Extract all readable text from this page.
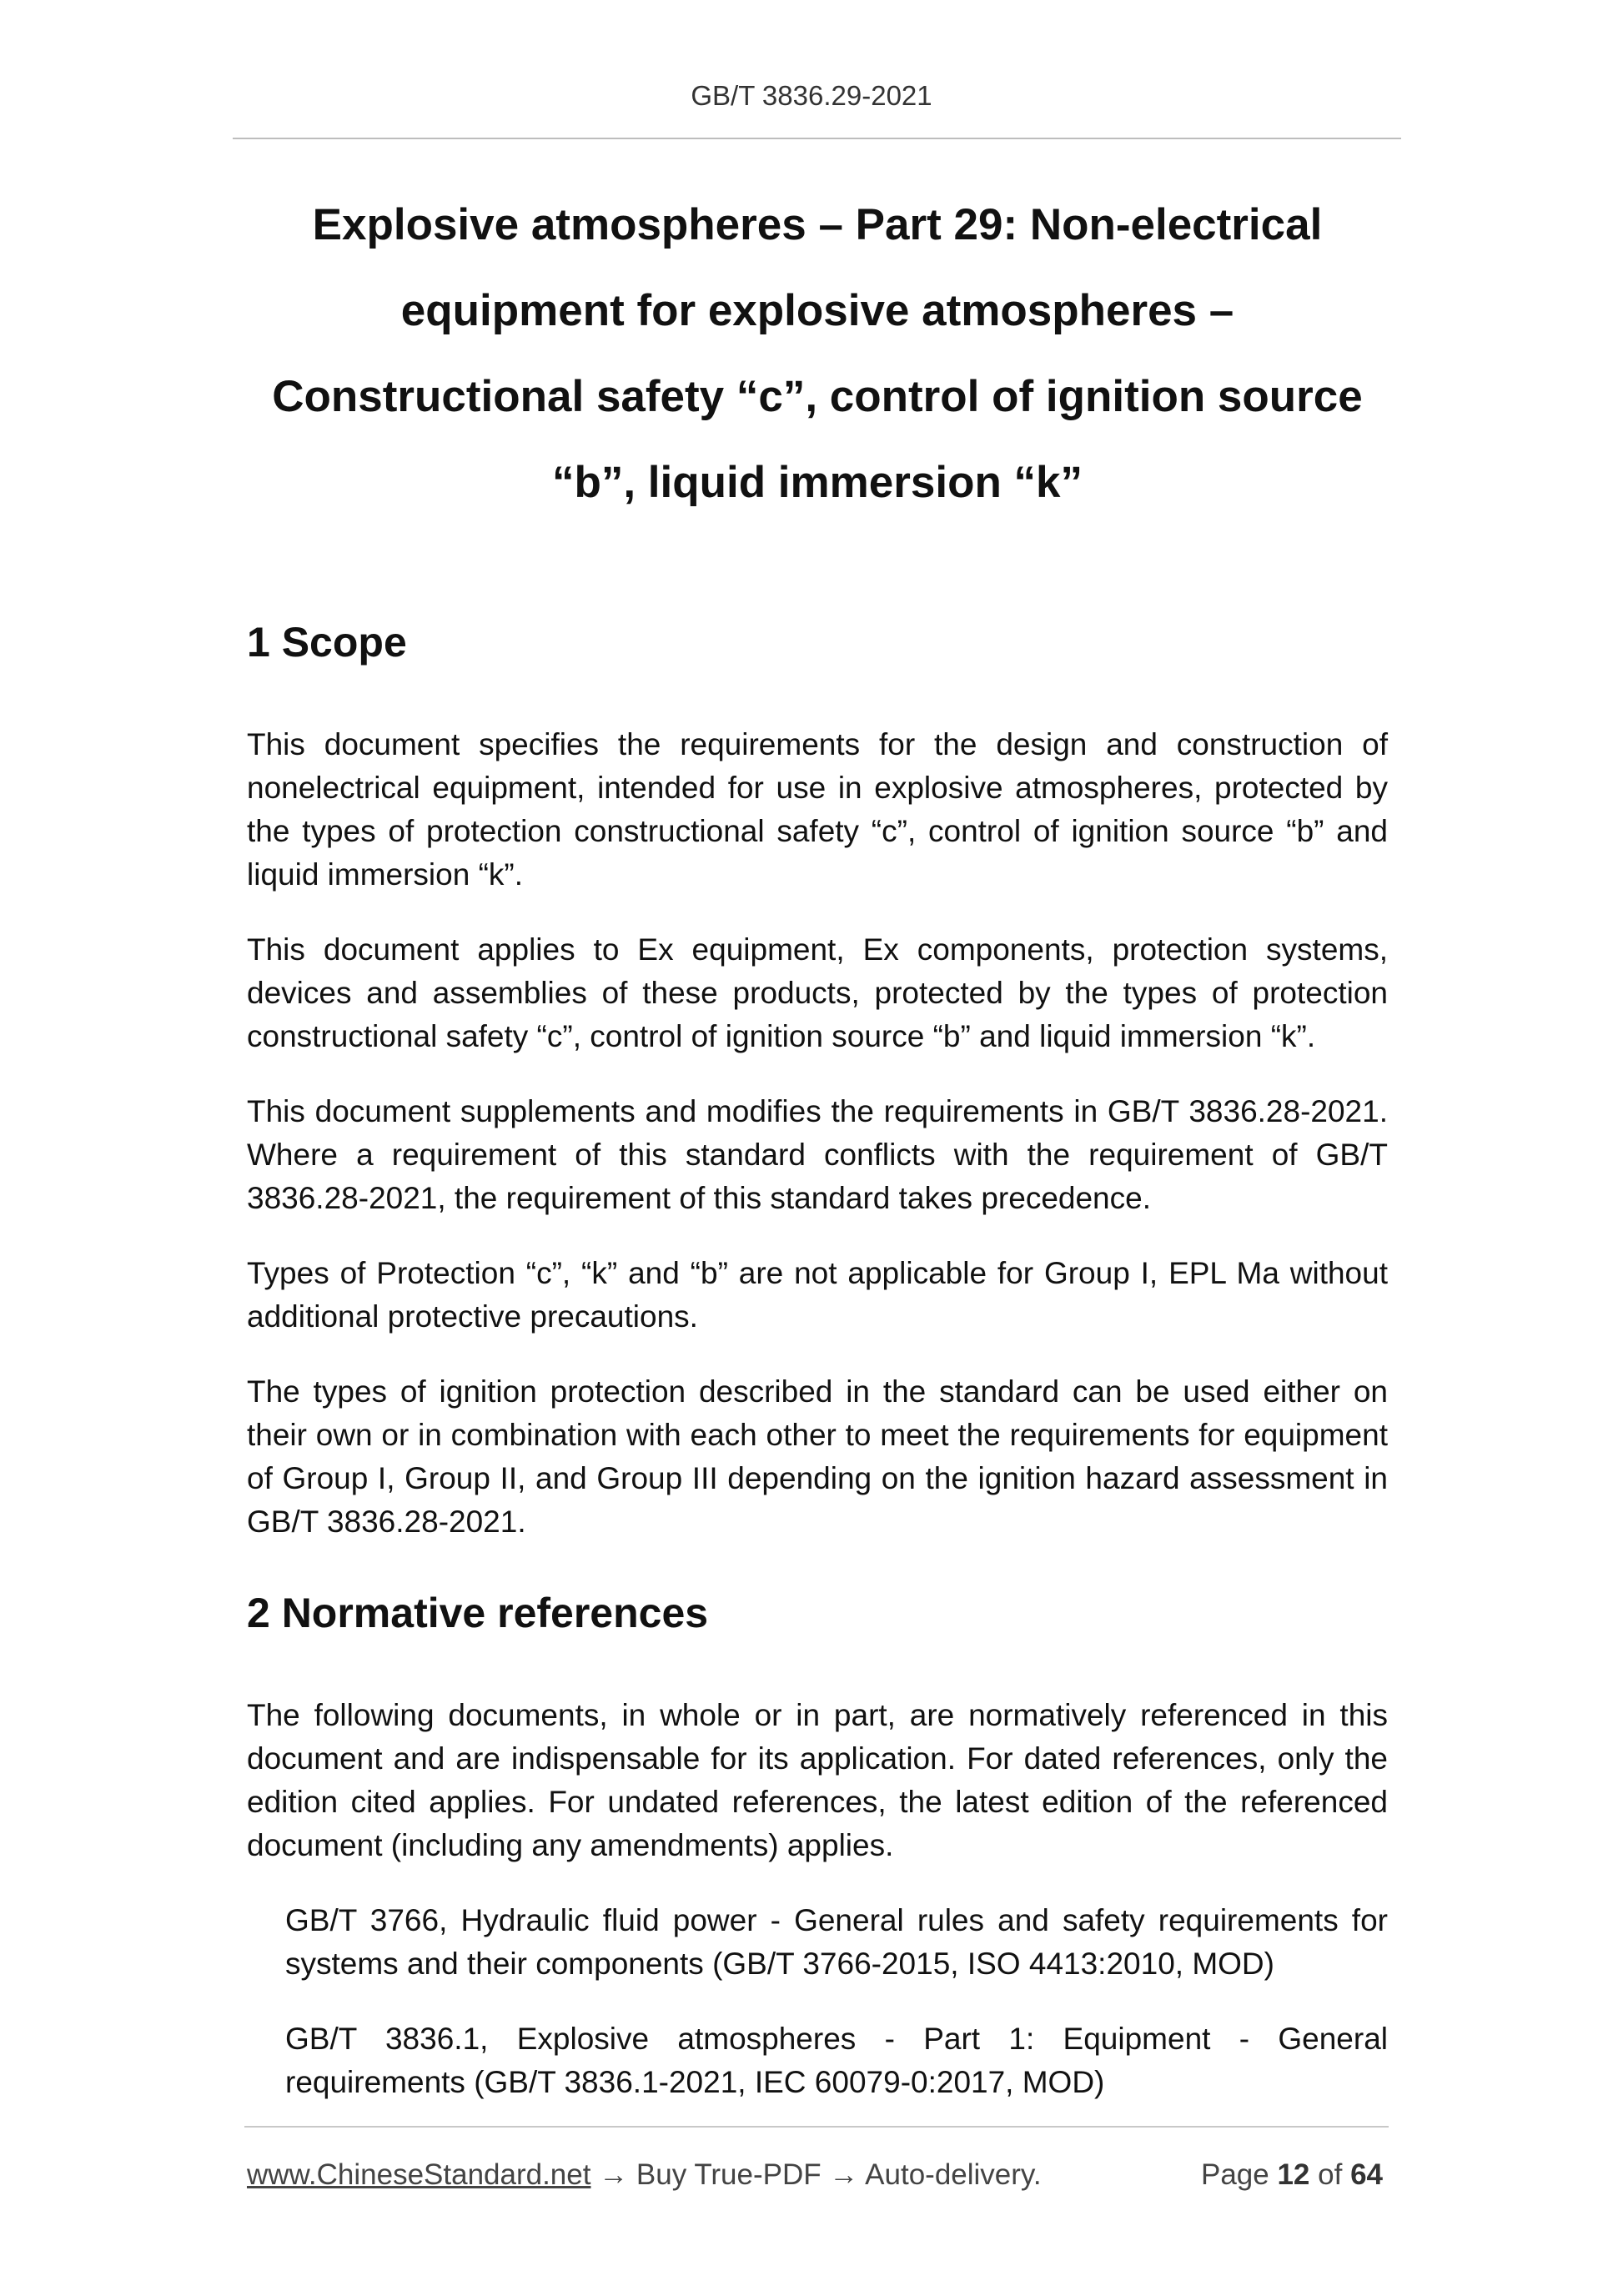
GB/T 3836.29-2021
Explosive atmospheres – Part 29: Non-electrical
equipment for explosive atmospheres –
Constructional safety “c”, control of ignition source
“b”, liquid immersion “k”
1 Scope

This document specifies the requirements for the design and construction of nonelectrical equipment, intended for use in explosive atmospheres, protected by the types of protection constructional safety “c”, control of ignition source “b” and liquid immersion “k”.

This document applies to Ex equipment, Ex components, protection systems, devices and assemblies of these products, protected by the types of protection constructional safety “c”, control of ignition source “b” and liquid immersion “k”.

This document supplements and modifies the requirements in GB/T 3836.28-2021. Where a requirement of this standard conflicts with the requirement of GB/T 3836.28-2021, the requirement of this standard takes precedence.

Types of Protection “c”, “k” and “b” are not applicable for Group I, EPL Ma without additional protective precautions.

The types of ignition protection described in the standard can be used either on their own or in combination with each other to meet the requirements for equipment of Group I, Group II, and Group III depending on the ignition hazard assessment in GB/T 3836.28-2021.

2 Normative references

The following documents, in whole or in part, are normatively referenced in this document and are indispensable for its application. For dated references, only the edition cited applies. For undated references, the latest edition of the referenced document (including any amendments) applies.

GB/T 3766, Hydraulic fluid power - General rules and safety requirements for systems and their components (GB/T 3766-2015, ISO 4413:2010, MOD)

GB/T 3836.1, Explosive atmospheres - Part 1: Equipment - General requirements (GB/T 3836.1-2021, IEC 60079-0:2017, MOD)

www.ChineseStandard.net → Buy True-PDF → Auto-delivery.	Page 12 of 64
